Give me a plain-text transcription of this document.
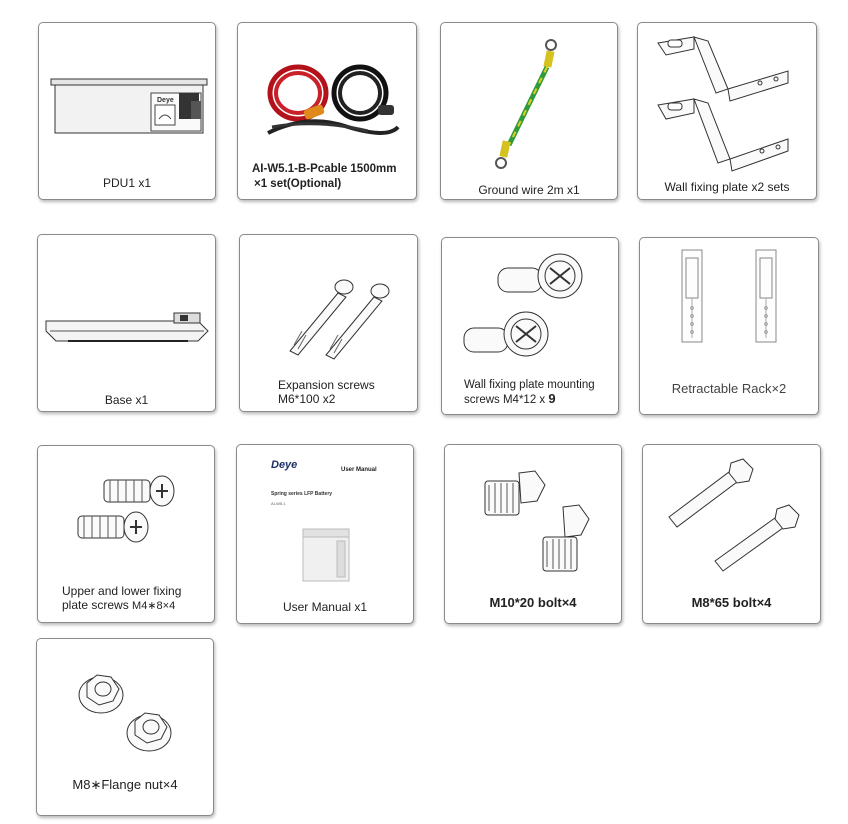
Deye
PDU1 x1
AI-W5.1-B-Pcable 1500mm
×1 set(Optional)	Ground wire 2m x1	Wall fixing plate x2 sets
Base x1
Expansion screws
M6*100 x2
Wall fixing plate mounting
screws M4*12 x 9
Retractable Rack×2
Upper and lower fixing
plate screws M4∗8×4
Deye	User Manual
Spring series LFP Battery
AI-W5.1
User Manual x1	M10*20 bolt×4	M8*65 bolt×4
M8∗Flange nut×4
